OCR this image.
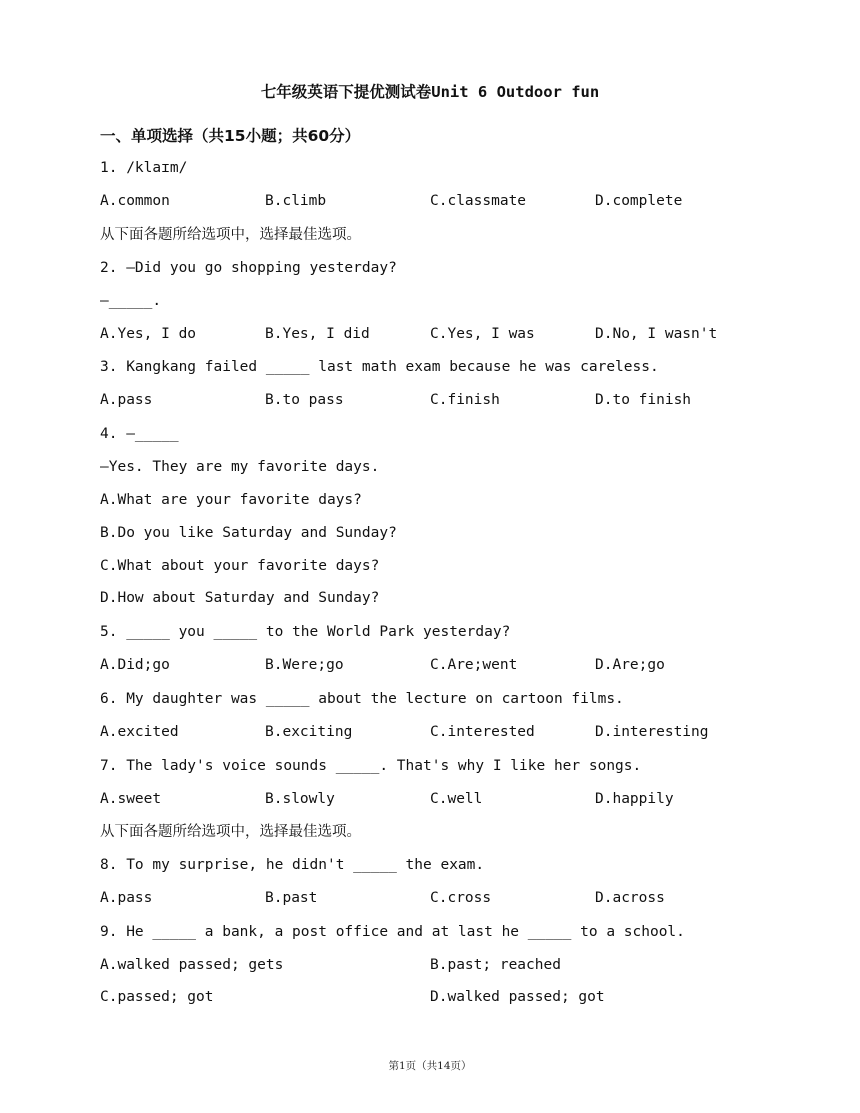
七年级英语下提优测试卷Unit 6 Outdoor fun
一、单项选择（共15小题；共60分）
1. /klaɪm/
A.common	B.climb	C.classmate	D.complete
从下面各题所给选项中，选择最佳选项。
2. —Did you go shopping yesterday?
—_____.
A.Yes, I do	B.Yes, I did	C.Yes, I was	D.No, I wasn't
3. Kangkang failed _____ last math exam because he was careless.
A.pass	B.to pass	C.finish	D.to finish
4. —_____
—Yes. They are my favorite days.
A.What are your favorite days?
B.Do you like Saturday and Sunday?
C.What about your favorite days?
D.How about Saturday and Sunday?
5. _____ you _____ to the World Park yesterday?
A.Did;go	B.Were;go	C.Are;went	D.Are;go
6. My daughter was _____ about the lecture on cartoon films.
A.excited	B.exciting	C.interested	D.interesting
7. The lady's voice sounds _____. That's why I like her songs.
A.sweet	B.slowly	C.well	D.happily
从下面各题所给选项中，选择最佳选项。
8. To my surprise, he didn't _____ the exam.
A.pass	B.past	C.cross	D.across
9. He _____ a bank, a post office and at last he _____ to a school.
A.walked passed; gets	B.past; reached
C.passed; got	D.walked passed; got
第1页（共14页）
